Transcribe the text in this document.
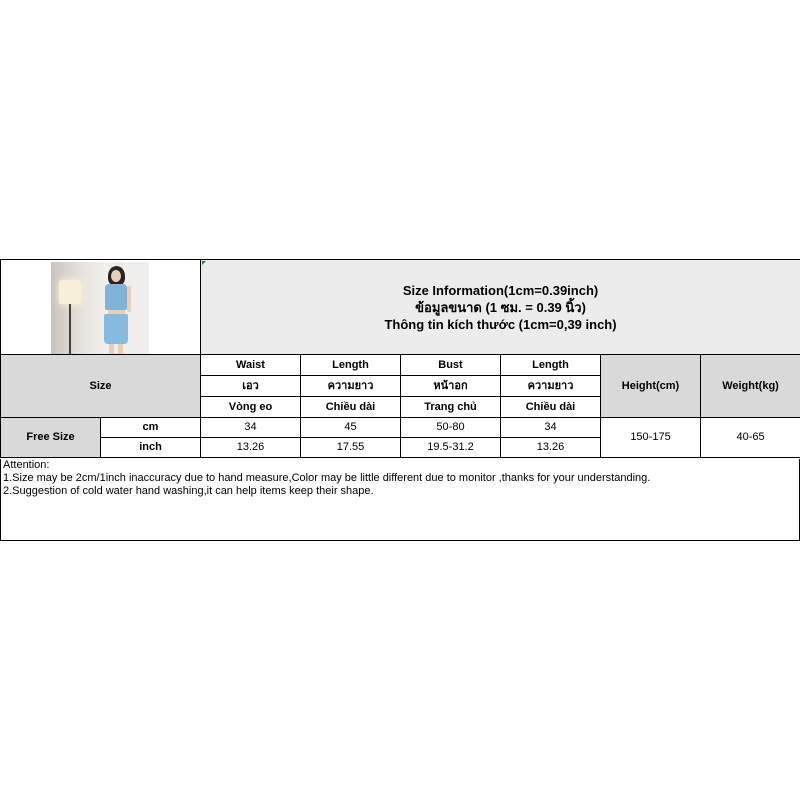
		Size Information(1cm=0.39inch)
ข้อมูลขนาด (1 ซม. = 0.39 นิ้ว)
Thông tin kích thước (1cm=0,39 inch)					

Size		Waist	Length	Bust	Length	Height(cm)	Weight(kg)
		เอว	ความยาว	หน้าอก	ความยาว		
		Vòng eo	Chiều dài	Trang chủ	Chiều dài		
Free Size	cm	34	45	50-80	34	150-175	40-65
	inch	13.26	17.55	19.5-31.2	13.26		
Attention:
1.Size may be 2cm/1inch inaccuracy due to hand measure,Color may be little different due to monitor ,thanks for your understanding.
2.Suggestion of cold water hand washing,it can help items keep their shape.
